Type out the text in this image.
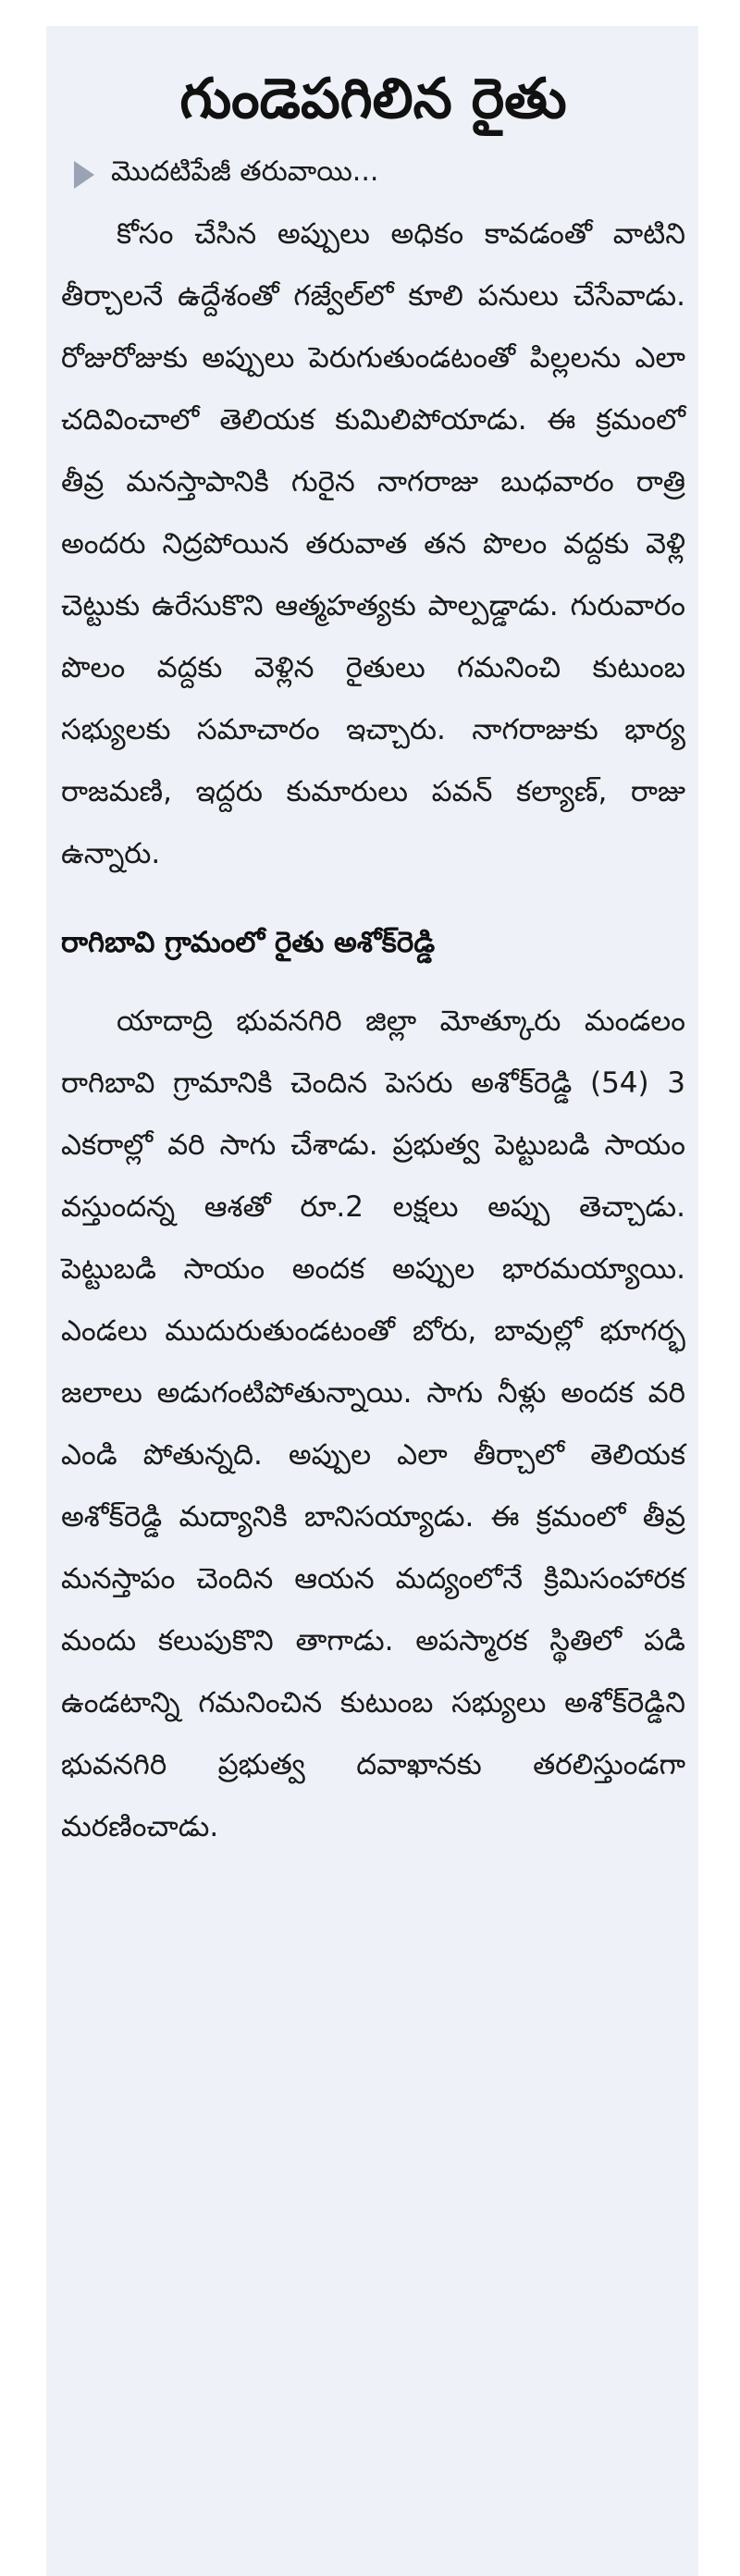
గుండెపగిలిన రైతు
మొదటిపేజీ తరువాయి...

కోసం చేసిన అప్పులు అధికం కావడంతో వాటిని తీర్చాలనే ఉద్దేశంతో గజ్వేల్‌లో కూలి పనులు చేసేవాడు. రోజురోజుకు అప్పులు పెరుగుతుండటంతో పిల్లలను ఎలా చదివించాలో తెలియక కుమిలిపోయాడు. ఈ క్రమంలో తీవ్ర మనస్తాపానికి గురైన నాగరాజు బుధవారం రాత్రి అందరు నిద్రపోయిన తరువాత తన పొలం వద్దకు వెళ్లి చెట్టుకు ఉరేసుకొని ఆత్మహత్యకు పాల్పడ్డాడు. గురువారం పొలం వద్దకు వెళ్లిన రైతులు గమనించి కుటుంబ సభ్యులకు సమాచారం ఇచ్చారు. నాగరాజుకు భార్య రాజమణి, ఇద్దరు కుమారులు పవన్ కల్యాణ్, రాజు ఉన్నారు.

రాగిబావి గ్రామంలో రైతు అశోక్‌రెడ్డి

యాదాద్రి భువనగిరి జిల్లా మోత్కూరు మండలం రాగిబావి గ్రామానికి చెందిన పెసరు అశోక్‌రెడ్డి (54) 3 ఎకరాల్లో వరి సాగు చేశాడు. ప్రభుత్వ పెట్టుబడి సాయం వస్తుందన్న ఆశతో రూ.2 లక్షలు అప్పు తెచ్చాడు. పెట్టుబడి సాయం అందక అప్పుల భారమయ్యాయి. ఎండలు ముదురుతుండటంతో బోరు, బావుల్లో భూగర్భ జలాలు అడుగంటిపోతున్నాయి. సాగు నీళ్లు అందక వరి ఎండి పోతున్నది. అప్పుల ఎలా తీర్చాలో తెలియక అశోక్‌రెడ్డి మద్యానికి బానిసయ్యాడు. ఈ క్రమంలో తీవ్ర మనస్తాపం చెందిన ఆయన మద్యంలోనే క్రిమిసంహారక మందు కలుపుకొని తాగాడు. అపస్మారక స్థితిలో పడి ఉండటాన్ని గమనించిన కుటుంబ సభ్యులు అశోక్‌రెడ్డిని భువనగిరి ప్రభుత్వ దవాఖానకు తరలిస్తుండగా మరణించాడు.
